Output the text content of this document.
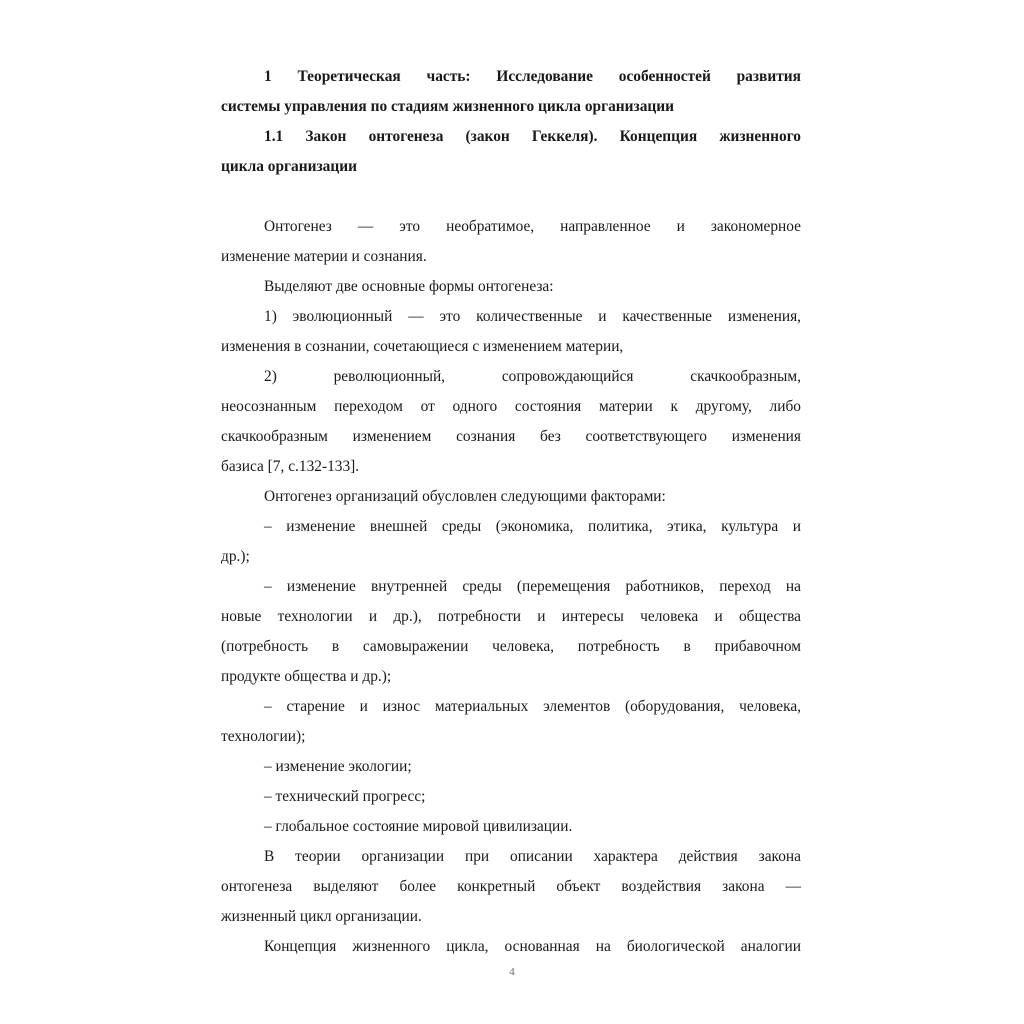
1 Теоретическая часть: Исследование особенностей развития
системы управления по стадиям жизненного цикла организации
1.1 Закон онтогенеза (закон Геккеля). Концепция жизненного
цикла организации
Онтогенез — это необратимое, направленное и закономерное
изменение материи и сознания.
Выделяют две основные формы онтогенеза:
1) эволюционный — это количественные и качественные изменения,
изменения в сознании, сочетающиеся с изменением материи,
2) революционный, сопровождающийся скачкообразным,
неосознанным переходом от одного состояния материи к другому, либо
скачкообразным изменением сознания без соответствующего изменения
базиса [7, с.132-133].
Онтогенез организаций обусловлен следующими факторами:
– изменение внешней среды (экономика, политика, этика, культура и
др.);
– изменение внутренней среды (перемещения работников, переход на
новые технологии и др.), потребности и интересы человека и общества
(потребность в самовыражении человека, потребность в прибавочном
продукте общества и др.);
– старение и износ материальных элементов (оборудования, человека,
технологии);
– изменение экологии;
– технический прогресс;
– глобальное состояние мировой цивилизации.
В теории организации при описании характера действия закона
онтогенеза выделяют более конкретный объект воздействия закона —
жизненный цикл организации.
Концепция жизненного цикла, основанная на биологической аналогии
4
